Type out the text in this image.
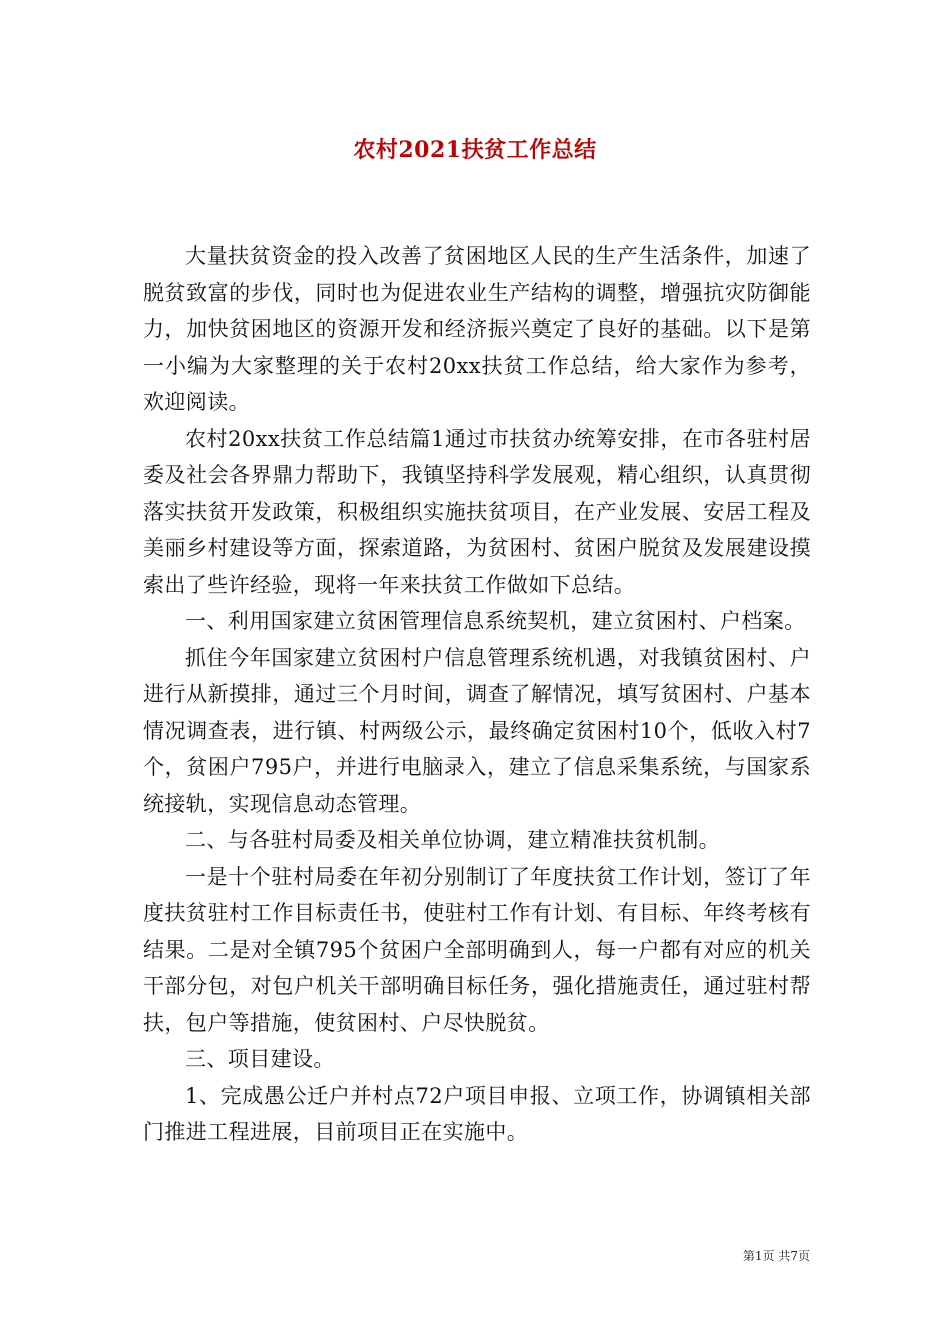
农村2021扶贫工作总结

大量扶贫资金的投入改善了贫困地区人民的生产生活条件，加速了脱贫致富的步伐，同时也为促进农业生产结构的调整，增强抗灾防御能力，加快贫困地区的资源开发和经济振兴奠定了良好的基础。以下是第一小编为大家整理的关于农村20xx扶贫工作总结，给大家作为参考，欢迎阅读。

农村20xx扶贫工作总结篇1通过市扶贫办统筹安排，在市各驻村居委及社会各界鼎力帮助下，我镇坚持科学发展观，精心组织，认真贯彻落实扶贫开发政策，积极组织实施扶贫项目，在产业发展、安居工程及美丽乡村建设等方面，探索道路，为贫困村、贫困户脱贫及发展建设摸索出了些许经验，现将一年来扶贫工作做如下总结。

一、利用国家建立贫困管理信息系统契机，建立贫困村、户档案。

抓住今年国家建立贫困村户信息管理系统机遇，对我镇贫困村、户进行从新摸排，通过三个月时间，调查了解情况，填写贫困村、户基本情况调查表，进行镇、村两级公示，最终确定贫困村10个，低收入村7个，贫困户795户，并进行电脑录入，建立了信息采集系统，与国家系统接轨，实现信息动态管理。

二、与各驻村局委及相关单位协调，建立精准扶贫机制。

一是十个驻村局委在年初分别制订了年度扶贫工作计划，签订了年度扶贫驻村工作目标责任书，使驻村工作有计划、有目标、年终考核有结果。二是对全镇795个贫困户全部明确到人，每一户都有对应的机关干部分包，对包户机关干部明确目标任务，强化措施责任，通过驻村帮扶，包户等措施，使贫困村、户尽快脱贫。

三、项目建设。

1、完成愚公迁户并村点72户项目申报、立项工作，协调镇相关部门推进工程进展，目前项目正在实施中。

第1页 共7页
